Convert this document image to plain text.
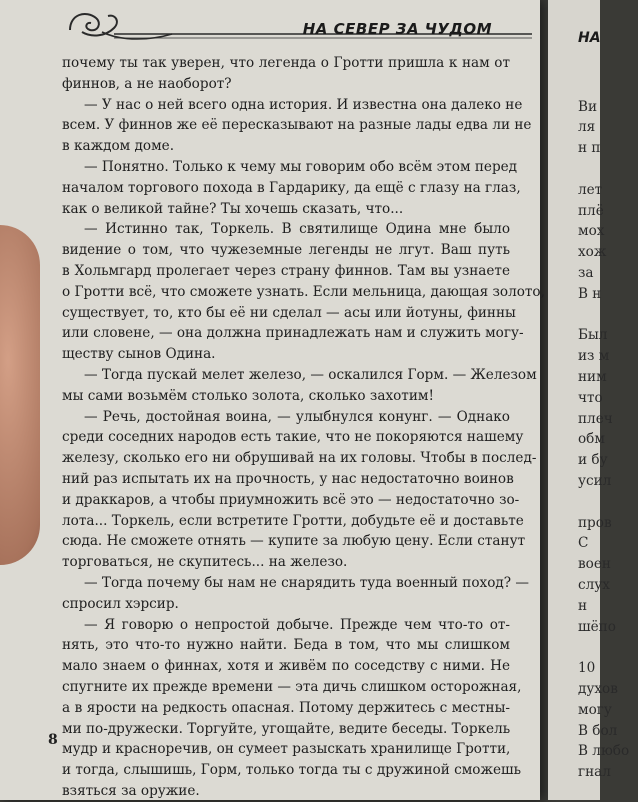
НА СЕВЕР ЗА ЧУДОМ
почему ты так уверен, что легенда о Гротти пришла к нам от
финнов, а не наоборот?
— У нас о ней всего одна история. И известна она далеко не
всем. У финнов же её пересказывают на разные лады едва ли не
в каждом доме.
— Понятно. Только к чему мы говорим обо всём этом перед
началом торгового похода в Гардарику, да ещё с глазу на глаз,
как о великой тайне? Ты хочешь сказать, что...
— Истинно так, Торкель. В святилище Одина мне было
видение о том, что чужеземные легенды не лгут. Ваш путь
в Хольмгард пролегает через страну финнов. Там вы узнаете
о Гротти всё, что сможете узнать. Если мельница, дающая золото,
существует, то, кто бы её ни сделал — асы или йотуны, финны
или словене, — она должна принадлежать нам и служить могу-
ществу сынов Одина.
— Тогда пускай мелет железо, — оскалился Горм. — Железом
мы сами возьмём столько золота, сколько захотим!
— Речь, достойная воина, — улыбнулся конунг. — Однако
среди соседних народов есть такие, что не покоряются нашему
железу, сколько его ни обрушивай на их головы. Чтобы в послед-
ний раз испытать их на прочность, у нас недостаточно воинов
и драккаров, а чтобы приумножить всё это — недостаточно зо-
лота... Торкель, если встретите Гротти, добудьте её и доставьте
сюда. Не сможете отнять — купите за любую цену. Если станут
торговаться, не скупитесь... на железо.
— Тогда почему бы нам не снарядить туда военный поход? —
спросил хэрсир.
— Я говорю о непростой добыче. Прежде чем что-то от-
нять, это что-то нужно найти. Беда в том, что мы слишком
мало знаем о финнах, хотя и живём по соседству с ними. Не
спугните их прежде времени — эта дичь слишком осторожная,
а в ярости на редкость опасная. Потому держитесь с местны-
ми по-дружески. Торгуйте, угощайте, ведите беседы. Торкель
мудр и красноречив, он сумеет разыскать хранилище Гротти,
и тогда, слышишь, Горм, только тогда ты с дружиной сможешь
взяться за оружие.
8
НА
Ви
ля
н п
лет
плё
мох
хож
за
В н
Был
из м
ним
что
плеч
обм
и бу
усил
пров
С
воен
слух
н
шёпо
10
духов
могу
В бол
В любо
гнал
